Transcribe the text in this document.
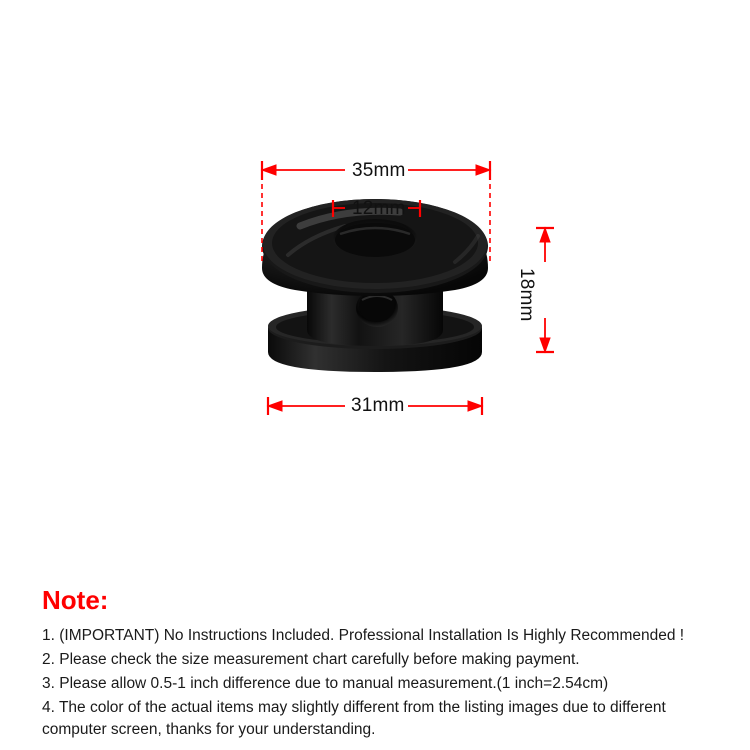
35mm
12mm
18mm
31mm
Note:

1. (IMPORTANT) No Instructions Included. Professional Installation Is Highly Recommended !

2. Please check the size measurement chart carefully before making payment.

3. Please allow 0.5-1 inch difference due to manual measurement.(1 inch=2.54cm)

4. The color of the actual items may slightly different from the listing images due to different computer screen, thanks for your understanding.
